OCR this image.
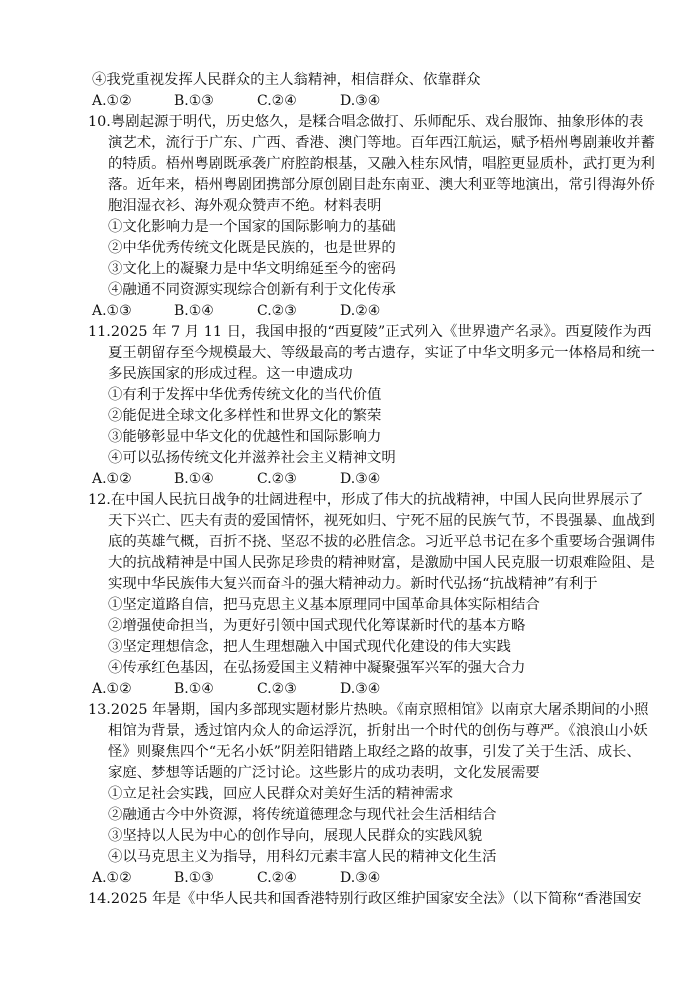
④我党重视发挥人民群众的主人翁精神，相信群众、依靠群众
A.①②	B.①③	C.②④	D.③④
10.粤剧起源于明代，历史悠久，是糅合唱念做打、乐师配乐、戏台服饰、抽象形体的表
演艺术，流行于广东、广西、香港、澳门等地。百年西江航运，赋予梧州粤剧兼收并蓄
的特质。梧州粤剧既承袭广府腔韵根基，又融入桂东风情，唱腔更显质朴，武打更为利
落。近年来，梧州粤剧团携部分原创剧目赴东南亚、澳大利亚等地演出，常引得海外侨
胞泪湿衣衫、海外观众赞声不绝。材料表明
①文化影响力是一个国家的国际影响力的基础
②中华优秀传统文化既是民族的，也是世界的
③文化上的凝聚力是中华文明绵延至今的密码
④融通不同资源实现综合创新有利于文化传承
A.①③	B.①④	C.②③	D.②④
11.2025 年 7 月 11 日，我国申报的“西夏陵”正式列入《世界遗产名录》。西夏陵作为西
夏王朝留存至今规模最大、等级最高的考古遗存，实证了中华文明多元一体格局和统一
多民族国家的形成过程。这一申遗成功
①有利于发挥中华优秀传统文化的当代价值
②能促进全球文化多样性和世界文化的繁荣
③能够彰显中华文化的优越性和国际影响力
④可以弘扬传统文化并滋养社会主义精神文明
A.①②	B.①④	C.②③	D.③④
12.在中国人民抗日战争的壮阔进程中，形成了伟大的抗战精神，中国人民向世界展示了
天下兴亡、匹夫有责的爱国情怀，视死如归、宁死不屈的民族气节，不畏强暴、血战到
底的英雄气概，百折不挠、坚忍不拔的必胜信念。习近平总书记在多个重要场合强调伟
大的抗战精神是中国人民弥足珍贵的精神财富，是激励中国人民克服一切艰难险阻、是
实现中华民族伟大复兴而奋斗的强大精神动力。新时代弘扬“抗战精神”有利于
①坚定道路自信，把马克思主义基本原理同中国革命具体实际相结合
②增强使命担当，为更好引领中国式现代化筹谋新时代的基本方略
③坚定理想信念，把人生理想融入中国式现代化建设的伟大实践
④传承红色基因，在弘扬爱国主义精神中凝聚强军兴军的强大合力
A.①②	B.①④	C.②③	D.③④
13.2025 年暑期，国内多部现实题材影片热映。《南京照相馆》以南京大屠杀期间的小照
相馆为背景，透过馆内众人的命运浮沉，折射出一个时代的创伤与尊严。《浪浪山小妖
怪》则聚焦四个“无名小妖”阴差阳错踏上取经之路的故事，引发了关于生活、成长、
家庭、梦想等话题的广泛讨论。这些影片的成功表明，文化发展需要
①立足社会实践，回应人民群众对美好生活的精神需求
②融通古今中外资源，将传统道德理念与现代社会生活相结合
③坚持以人民为中心的创作导向，展现人民群众的实践风貌
④以马克思主义为指导，用科幻元素丰富人民的精神文化生活
A.①②	B.①③	C.②④	D.③④
14.2025 年是《中华人民共和国香港特别行政区维护国家安全法》（以下简称“香港国安
